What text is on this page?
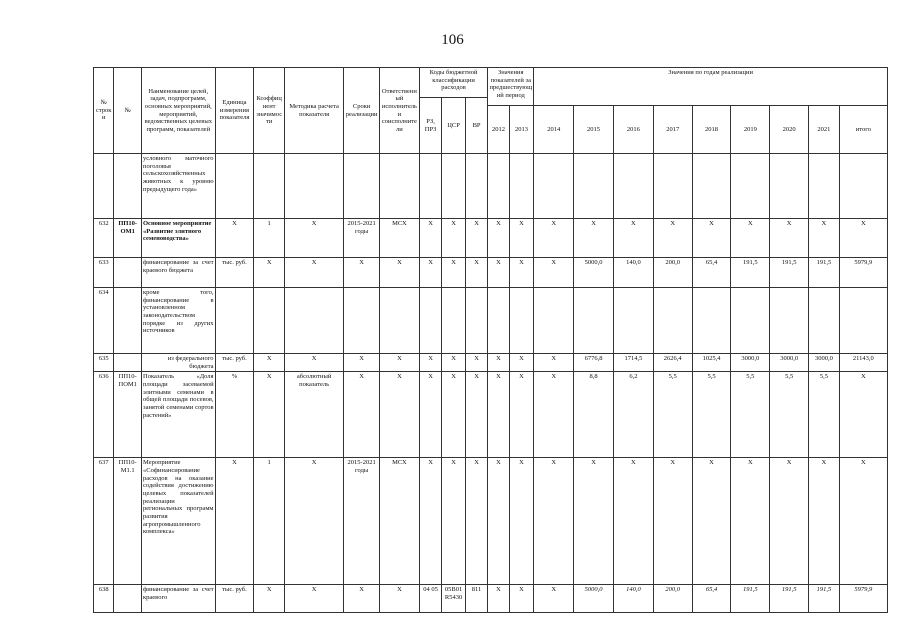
106
№ строки	№	Наименование целей, задач, подпрограмм, основных мероприятий, мероприятий, ведомственных целевых программ, показателей	Единица измерения показателя	Коэффициент значимости	Методика расчета показателя	Сроки реализации	Ответственный исполнитель и соисполнители	Коды бюджетной классификации расходов			Значения показателей за предшествующий период		Значения по годам реализации								
								РЗ, ПРЗ	ЦСР	ВР											
											2012	2013	2014	2015	2016	2017	2018	2019	2020	2021	итого
		условного маточного поголовья сельскохозяйственных животных к уровню предыдущего года»																			
632	ПП10-ОМ1	Основное мероприятие «Развитие элитного семеноводства»	Х	1	Х	2015-2021 годы	МСХ	Х	Х	Х	Х	Х	Х	Х	Х	Х	Х	Х	Х	Х	Х
633		финансирование за счет краевого бюджета	тыс. руб.	Х	Х	Х	Х	Х	Х	Х	Х	Х	Х	5000,0	140,0	200,0	65,4	191,5	191,5	191,5	5979,9
634		кроме того, финансирование в установленном законодательством порядке из других источников																			
635		из федерального бюджета	тыс. руб.	Х	Х	Х	Х	Х	Х	Х	Х	Х	Х	6776,8	1714,5	2626,4	1025,4	3000,0	3000,0	3000,0	21143,0
636	ПП10-ПОМ1	Показатель «Доля площади засеваемой элитными семенами в общей площади посевов, занятой семенами сортов растений»	%	Х	абсолютный показатель	Х	Х	Х	Х	Х	Х	Х	Х	8,8	6,2	5,5	5,5	5,5	5,5	5,5	Х
637	ПП10-М1.1	Мероприятие «Софинансирование расходов на оказание содействия достижению целевых показателей реализации региональных программ развития агропромышленного комплекса»	Х	1	Х	2015-2021 годы	МСХ	Х	Х	Х	Х	Х	Х	Х	Х	Х	Х	Х	Х	Х	Х
638		финансирование за счет краевого	тыс. руб.	Х	Х	Х	Х	04 05	05В01 R5430	811	Х	Х	Х	5000,0	140,0	200,0	65,4	191,5	191,5	191,5	5979,9
